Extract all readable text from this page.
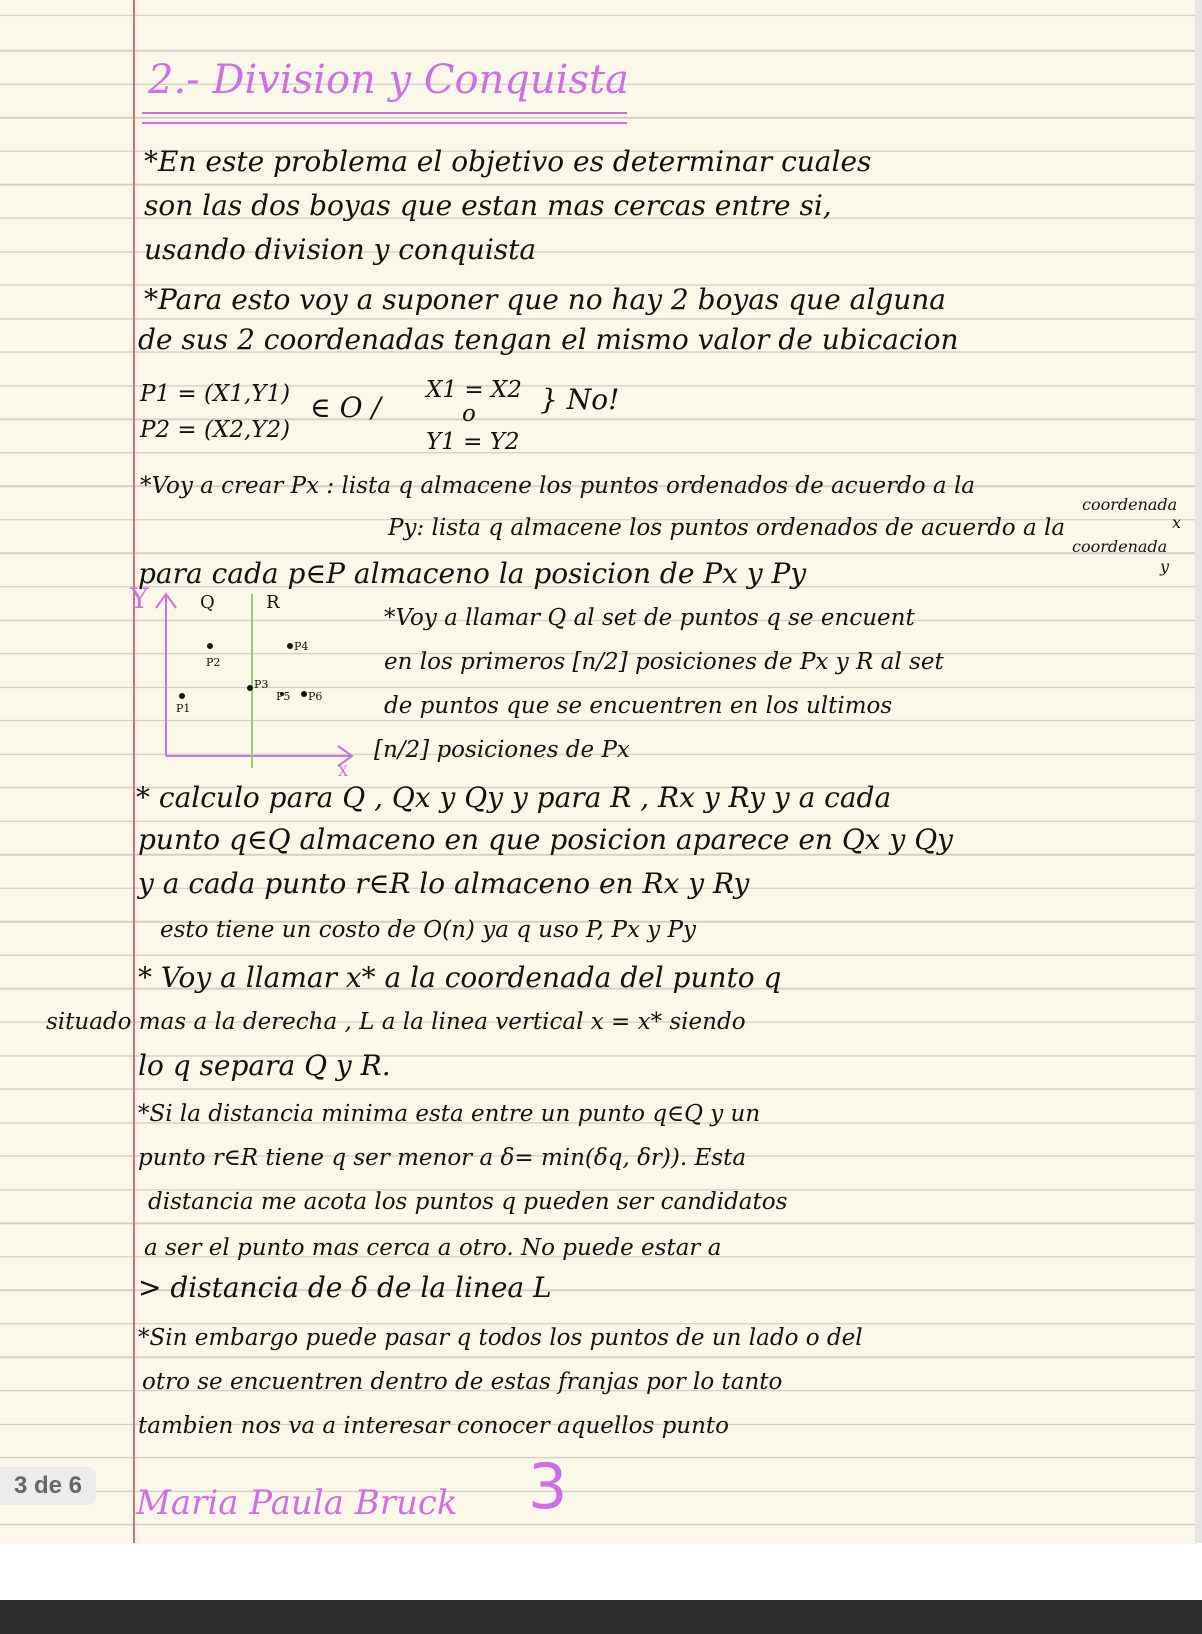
2.- Division y Conquista

*En este problema el objetivo es determinar cuales

son las dos boyas que estan mas cercas entre si,

usando division y conquista

*Para esto voy a suponer que no hay 2 boyas que alguna

de sus 2 coordenadas tengan el mismo valor de ubicacion

P1 = (X1,Y1)

P2 = (X2,Y2)

∈ O /

X1 = X2

o

Y1 = Y2

} No!

*Voy a crear Px : lista q almacene los puntos ordenados de acuerdo a la

Py: lista q almacene los puntos ordenados de acuerdo a la

coordenada

x

coordenada

y

para cada p∈P almaceno la posicion de Px y Py

*Voy a llamar Q al set de puntos q se encuent

en los primeros [n/2] posiciones de Px y R al set

de puntos que se encuentren en los ultimos

[n/2] posiciones de Px

Y	Q	R
P2
P4
P1
P3
P5 P6
X

* calculo para Q , Qx y Qy y para R , Rx y Ry y a cada

punto q∈Q almaceno en que posicion aparece en Qx y Qy

y a cada punto r∈R lo almaceno en Rx y Ry

esto tiene un costo de O(n) ya q uso P, Px y Py

* Voy a llamar x* a la coordenada del punto q

situado mas a la derecha , L a la linea vertical x = x* siendo

lo q separa Q y R.

*Si la distancia minima esta entre un punto q∈Q y un

punto r∈R tiene q ser menor a δ= min(δq, δr)). Esta

distancia me acota los puntos q pueden ser candidatos

a ser el punto mas cerca a otro. No puede estar a

> distancia de δ de la linea L

*Sin embargo puede pasar q todos los puntos de un lado o del

otro se encuentren dentro de estas franjas por lo tanto

tambien nos va a interesar conocer aquellos punto

Maria Paula Bruck 3

3 de 6
